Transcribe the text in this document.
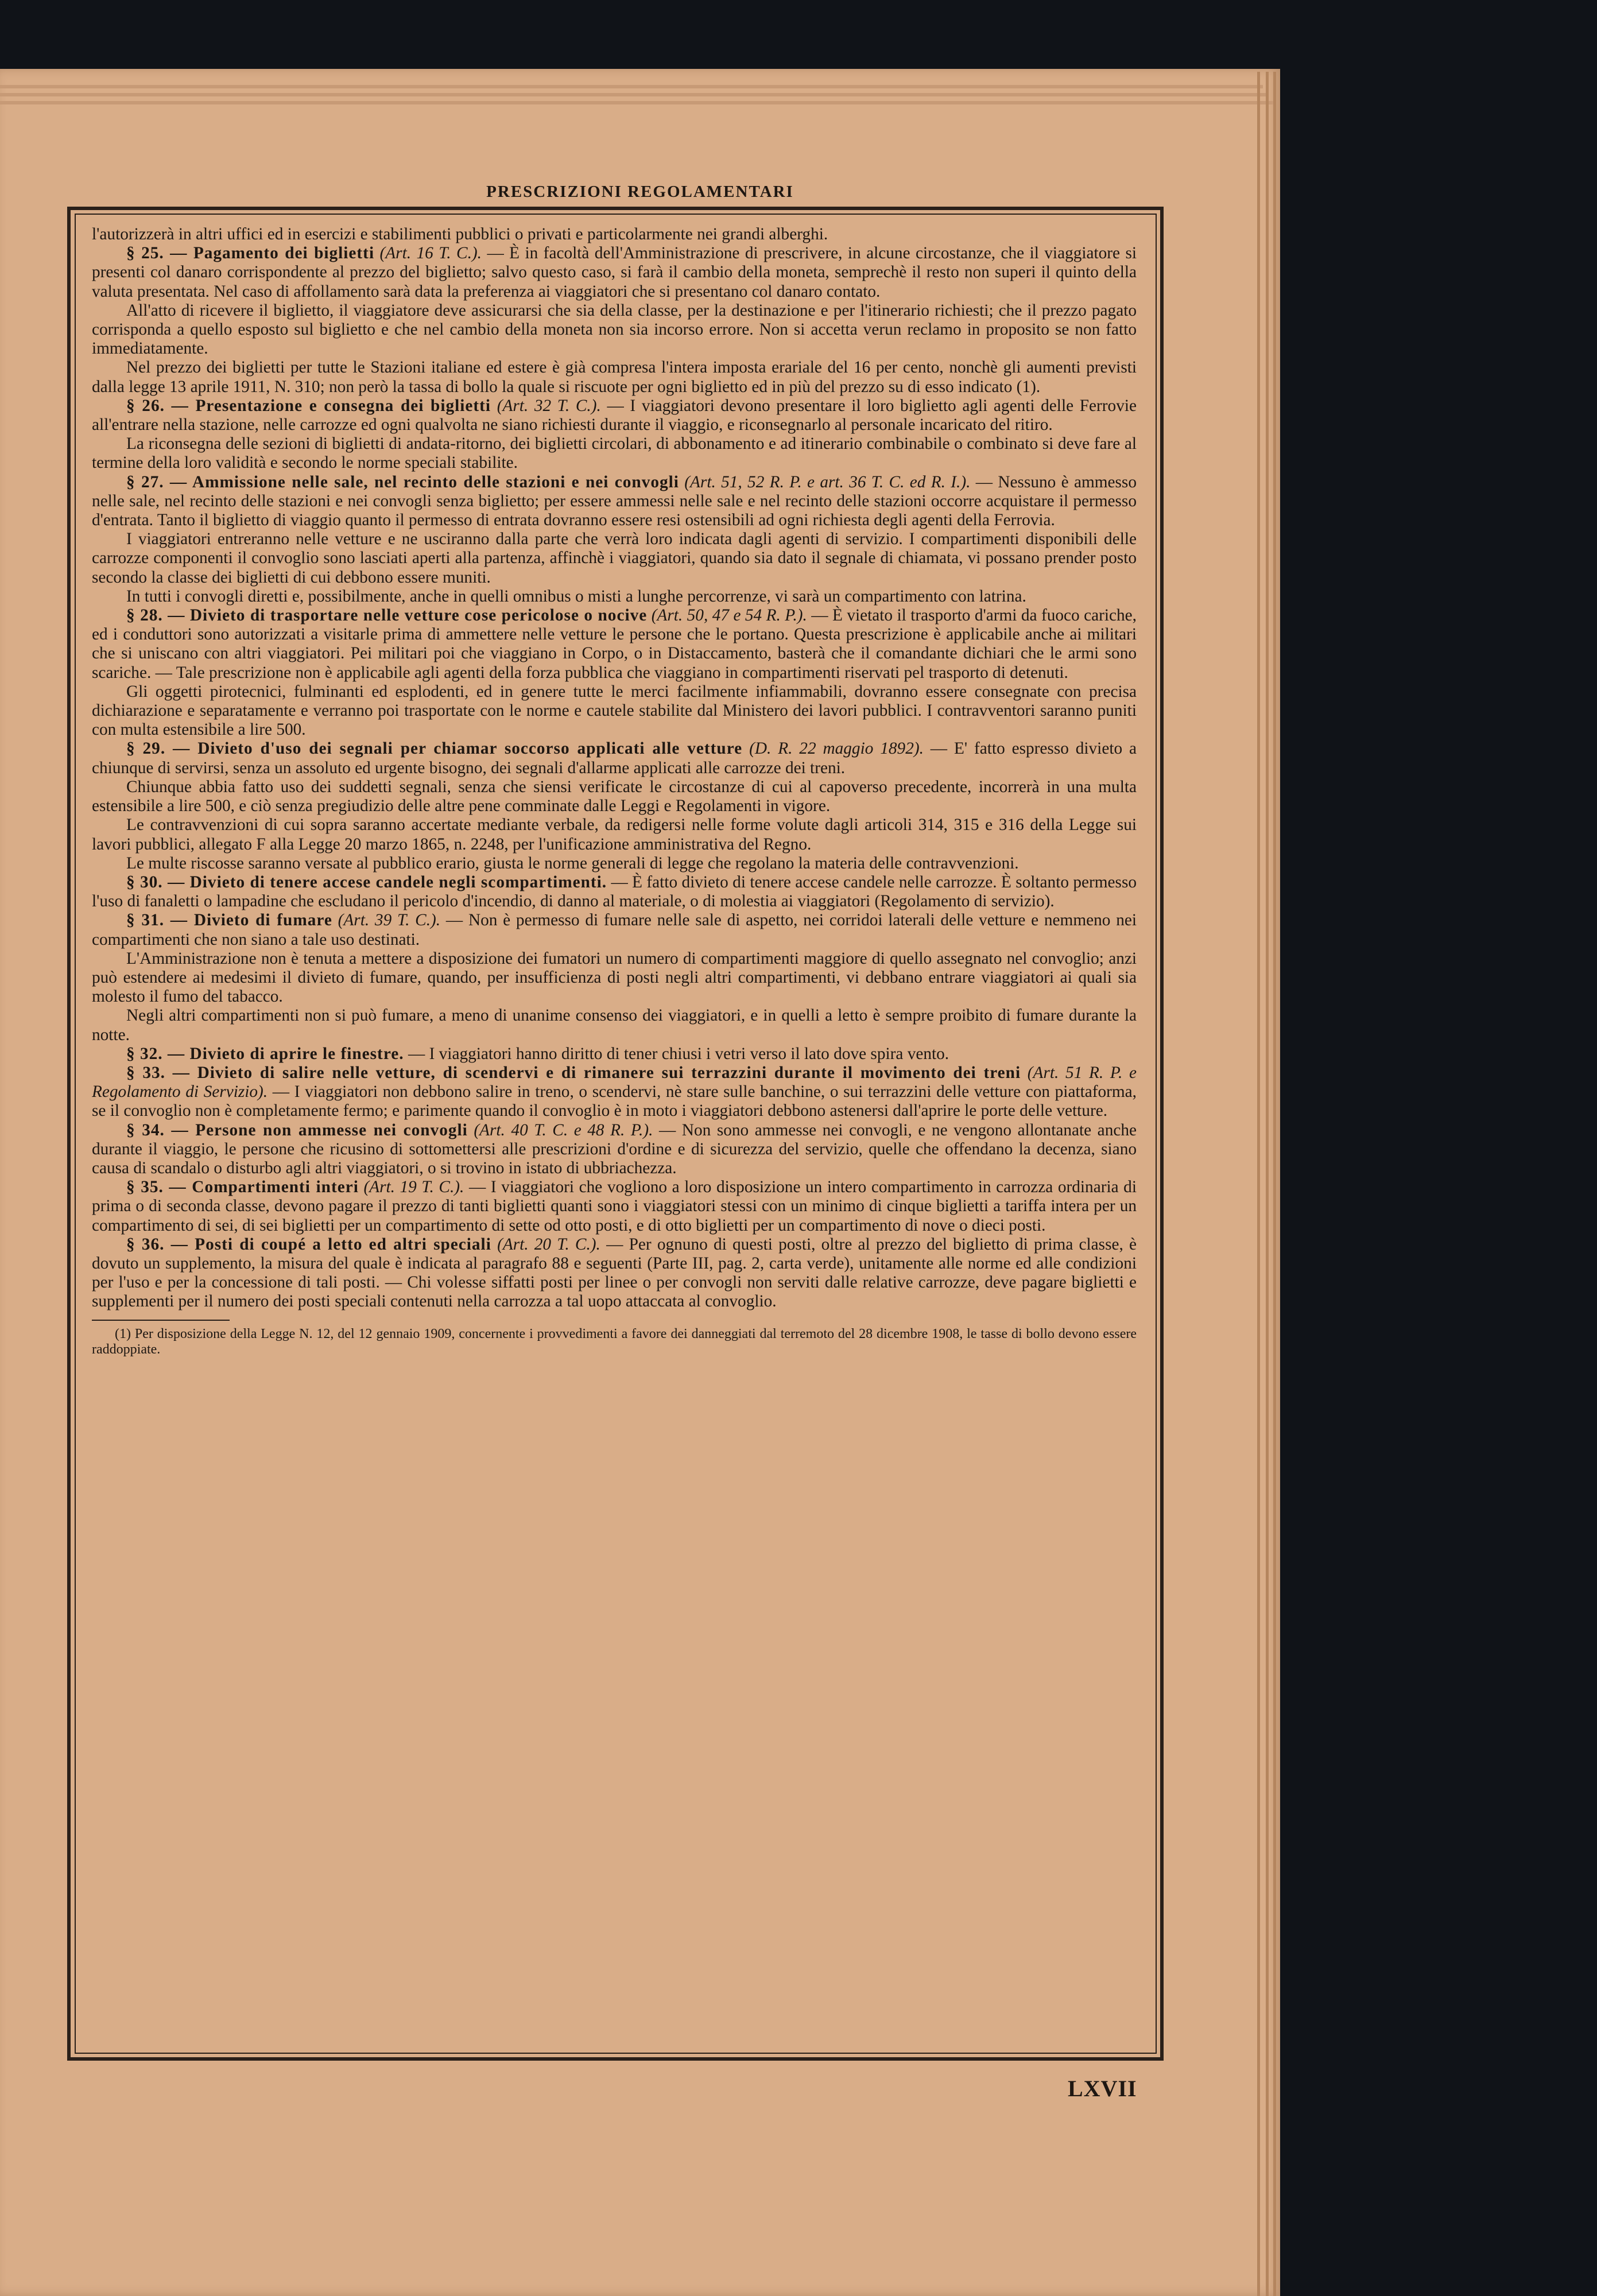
PRESCRIZIONI REGOLAMENTARI

l'autorizzerà in altri uffici ed in esercizi e stabilimenti pubblici o privati e particolarmente nei grandi alberghi.

§ 25. — Pagamento dei biglietti (Art. 16 T. C.). — È in facoltà dell'Amministrazione di prescrivere, in alcune circostanze, che il viaggiatore si presenti col danaro corrispondente al prezzo del biglietto; salvo questo caso, si farà il cambio della moneta, semprechè il resto non superi il quinto della valuta presentata. Nel caso di affollamento sarà data la preferenza ai viaggiatori che si presentano col danaro contato.

All'atto di ricevere il biglietto, il viaggiatore deve assicurarsi che sia della classe, per la destinazione e per l'itinerario richiesti; che il prezzo pagato corrisponda a quello esposto sul biglietto e che nel cambio della moneta non sia incorso errore. Non si accetta verun reclamo in proposito se non fatto immediatamente.

Nel prezzo dei biglietti per tutte le Stazioni italiane ed estere è già compresa l'intera imposta erariale del 16 per cento, nonchè gli aumenti previsti dalla legge 13 aprile 1911, N. 310; non però la tassa di bollo la quale si riscuote per ogni biglietto ed in più del prezzo su di esso indicato (1).

§ 26. — Presentazione e consegna dei biglietti (Art. 32 T. C.). — I viaggiatori devono presentare il loro biglietto agli agenti delle Ferrovie all'entrare nella stazione, nelle carrozze ed ogni qualvolta ne siano richiesti durante il viaggio, e riconsegnarlo al personale incaricato del ritiro.

La riconsegna delle sezioni di biglietti di andata-ritorno, dei biglietti circolari, di abbonamento e ad itinerario combinabile o combinato si deve fare al termine della loro validità e secondo le norme speciali stabilite.

§ 27. — Ammissione nelle sale, nel recinto delle stazioni e nei convogli (Art. 51, 52 R. P. e art. 36 T. C. ed R. I.). — Nessuno è ammesso nelle sale, nel recinto delle stazioni e nei convogli senza biglietto; per essere ammessi nelle sale e nel recinto delle stazioni occorre acquistare il permesso d'entrata. Tanto il biglietto di viaggio quanto il permesso di entrata dovranno essere resi ostensibili ad ogni richiesta degli agenti della Ferrovia.

I viaggiatori entreranno nelle vetture e ne usciranno dalla parte che verrà loro indicata dagli agenti di servizio. I compartimenti disponibili delle carrozze componenti il convoglio sono lasciati aperti alla partenza, affinchè i viaggiatori, quando sia dato il segnale di chiamata, vi possano prender posto secondo la classe dei biglietti di cui debbono essere muniti.

In tutti i convogli diretti e, possibilmente, anche in quelli omnibus o misti a lunghe percorrenze, vi sarà un compartimento con latrina.

§ 28. — Divieto di trasportare nelle vetture cose pericolose o nocive (Art. 50, 47 e 54 R. P.). — È vietato il trasporto d'armi da fuoco cariche, ed i conduttori sono autorizzati a visitarle prima di ammettere nelle vetture le persone che le portano. Questa prescrizione è applicabile anche ai militari che si uniscano con altri viaggiatori. Pei militari poi che viaggiano in Corpo, o in Distaccamento, basterà che il comandante dichiari che le armi sono scariche. — Tale prescrizione non è applicabile agli agenti della forza pubblica che viaggiano in compartimenti riservati pel trasporto di detenuti.

Gli oggetti pirotecnici, fulminanti ed esplodenti, ed in genere tutte le merci facilmente infiammabili, dovranno essere consegnate con precisa dichiarazione e separatamente e verranno poi trasportate con le norme e cautele stabilite dal Ministero dei lavori pubblici. I contravventori saranno puniti con multa estensibile a lire 500.

§ 29. — Divieto d'uso dei segnali per chiamar soccorso applicati alle vetture (D. R. 22 maggio 1892). — E' fatto espresso divieto a chiunque di servirsi, senza un assoluto ed urgente bisogno, dei segnali d'allarme applicati alle carrozze dei treni.

Chiunque abbia fatto uso dei suddetti segnali, senza che siensi verificate le circostanze di cui al capoverso precedente, incorrerà in una multa estensibile a lire 500, e ciò senza pregiudizio delle altre pene comminate dalle Leggi e Regolamenti in vigore.

Le contravvenzioni di cui sopra saranno accertate mediante verbale, da redigersi nelle forme volute dagli articoli 314, 315 e 316 della Legge sui lavori pubblici, allegato F alla Legge 20 marzo 1865, n. 2248, per l'unificazione amministrativa del Regno.

Le multe riscosse saranno versate al pubblico erario, giusta le norme generali di legge che regolano la materia delle contravvenzioni.

§ 30. — Divieto di tenere accese candele negli scompartimenti. — È fatto divieto di tenere accese candele nelle carrozze. È soltanto permesso l'uso di fanaletti o lampadine che escludano il pericolo d'incendio, di danno al materiale, o di molestia ai viaggiatori (Regolamento di servizio).

§ 31. — Divieto di fumare (Art. 39 T. C.). — Non è permesso di fumare nelle sale di aspetto, nei corridoi laterali delle vetture e nemmeno nei compartimenti che non siano a tale uso destinati.

L'Amministrazione non è tenuta a mettere a disposizione dei fumatori un numero di compartimenti maggiore di quello assegnato nel convoglio; anzi può estendere ai medesimi il divieto di fumare, quando, per insufficienza di posti negli altri compartimenti, vi debbano entrare viaggiatori ai quali sia molesto il fumo del tabacco.

Negli altri compartimenti non si può fumare, a meno di unanime consenso dei viaggiatori, e in quelli a letto è sempre proibito di fumare durante la notte.

§ 32. — Divieto di aprire le finestre. — I viaggiatori hanno diritto di tener chiusi i vetri verso il lato dove spira vento.

§ 33. — Divieto di salire nelle vetture, di scendervi e di rimanere sui terrazzini durante il movimento dei treni (Art. 51 R. P. e Regolamento di Servizio). — I viaggiatori non debbono salire in treno, o scendervi, nè stare sulle banchine, o sui terrazzini delle vetture con piattaforma, se il convoglio non è completamente fermo; e parimente quando il convoglio è in moto i viaggiatori debbono astenersi dall'aprire le porte delle vetture.

§ 34. — Persone non ammesse nei convogli (Art. 40 T. C. e 48 R. P.). — Non sono ammesse nei convogli, e ne vengono allontanate anche durante il viaggio, le persone che ricusino di sottomettersi alle prescrizioni d'ordine e di sicurezza del servizio, quelle che offendano la decenza, siano causa di scandalo o disturbo agli altri viaggiatori, o si trovino in istato di ubbriachezza.

§ 35. — Compartimenti interi (Art. 19 T. C.). — I viaggiatori che vogliono a loro disposizione un intero compartimento in carrozza ordinaria di prima o di seconda classe, devono pagare il prezzo di tanti biglietti quanti sono i viaggiatori stessi con un minimo di cinque biglietti a tariffa intera per un compartimento di sei, di sei biglietti per un compartimento di sette od otto posti, e di otto biglietti per un compartimento di nove o dieci posti.

§ 36. — Posti di coupé a letto ed altri speciali (Art. 20 T. C.). — Per ognuno di questi posti, oltre al prezzo del biglietto di prima classe, è dovuto un supplemento, la misura del quale è indicata al paragrafo 88 e seguenti (Parte III, pag. 2, carta verde), unitamente alle norme ed alle condizioni per l'uso e per la concessione di tali posti. — Chi volesse siffatti posti per linee o per convogli non serviti dalle relative carrozze, deve pagare biglietti e supplementi per il numero dei posti speciali contenuti nella carrozza a tal uopo attaccata al convoglio.

(1) Per disposizione della Legge N. 12, del 12 gennaio 1909, concernente i provvedimenti a favore dei danneggiati dal terremoto del 28 dicembre 1908, le tasse di bollo devono essere raddoppiate.

LXVII
